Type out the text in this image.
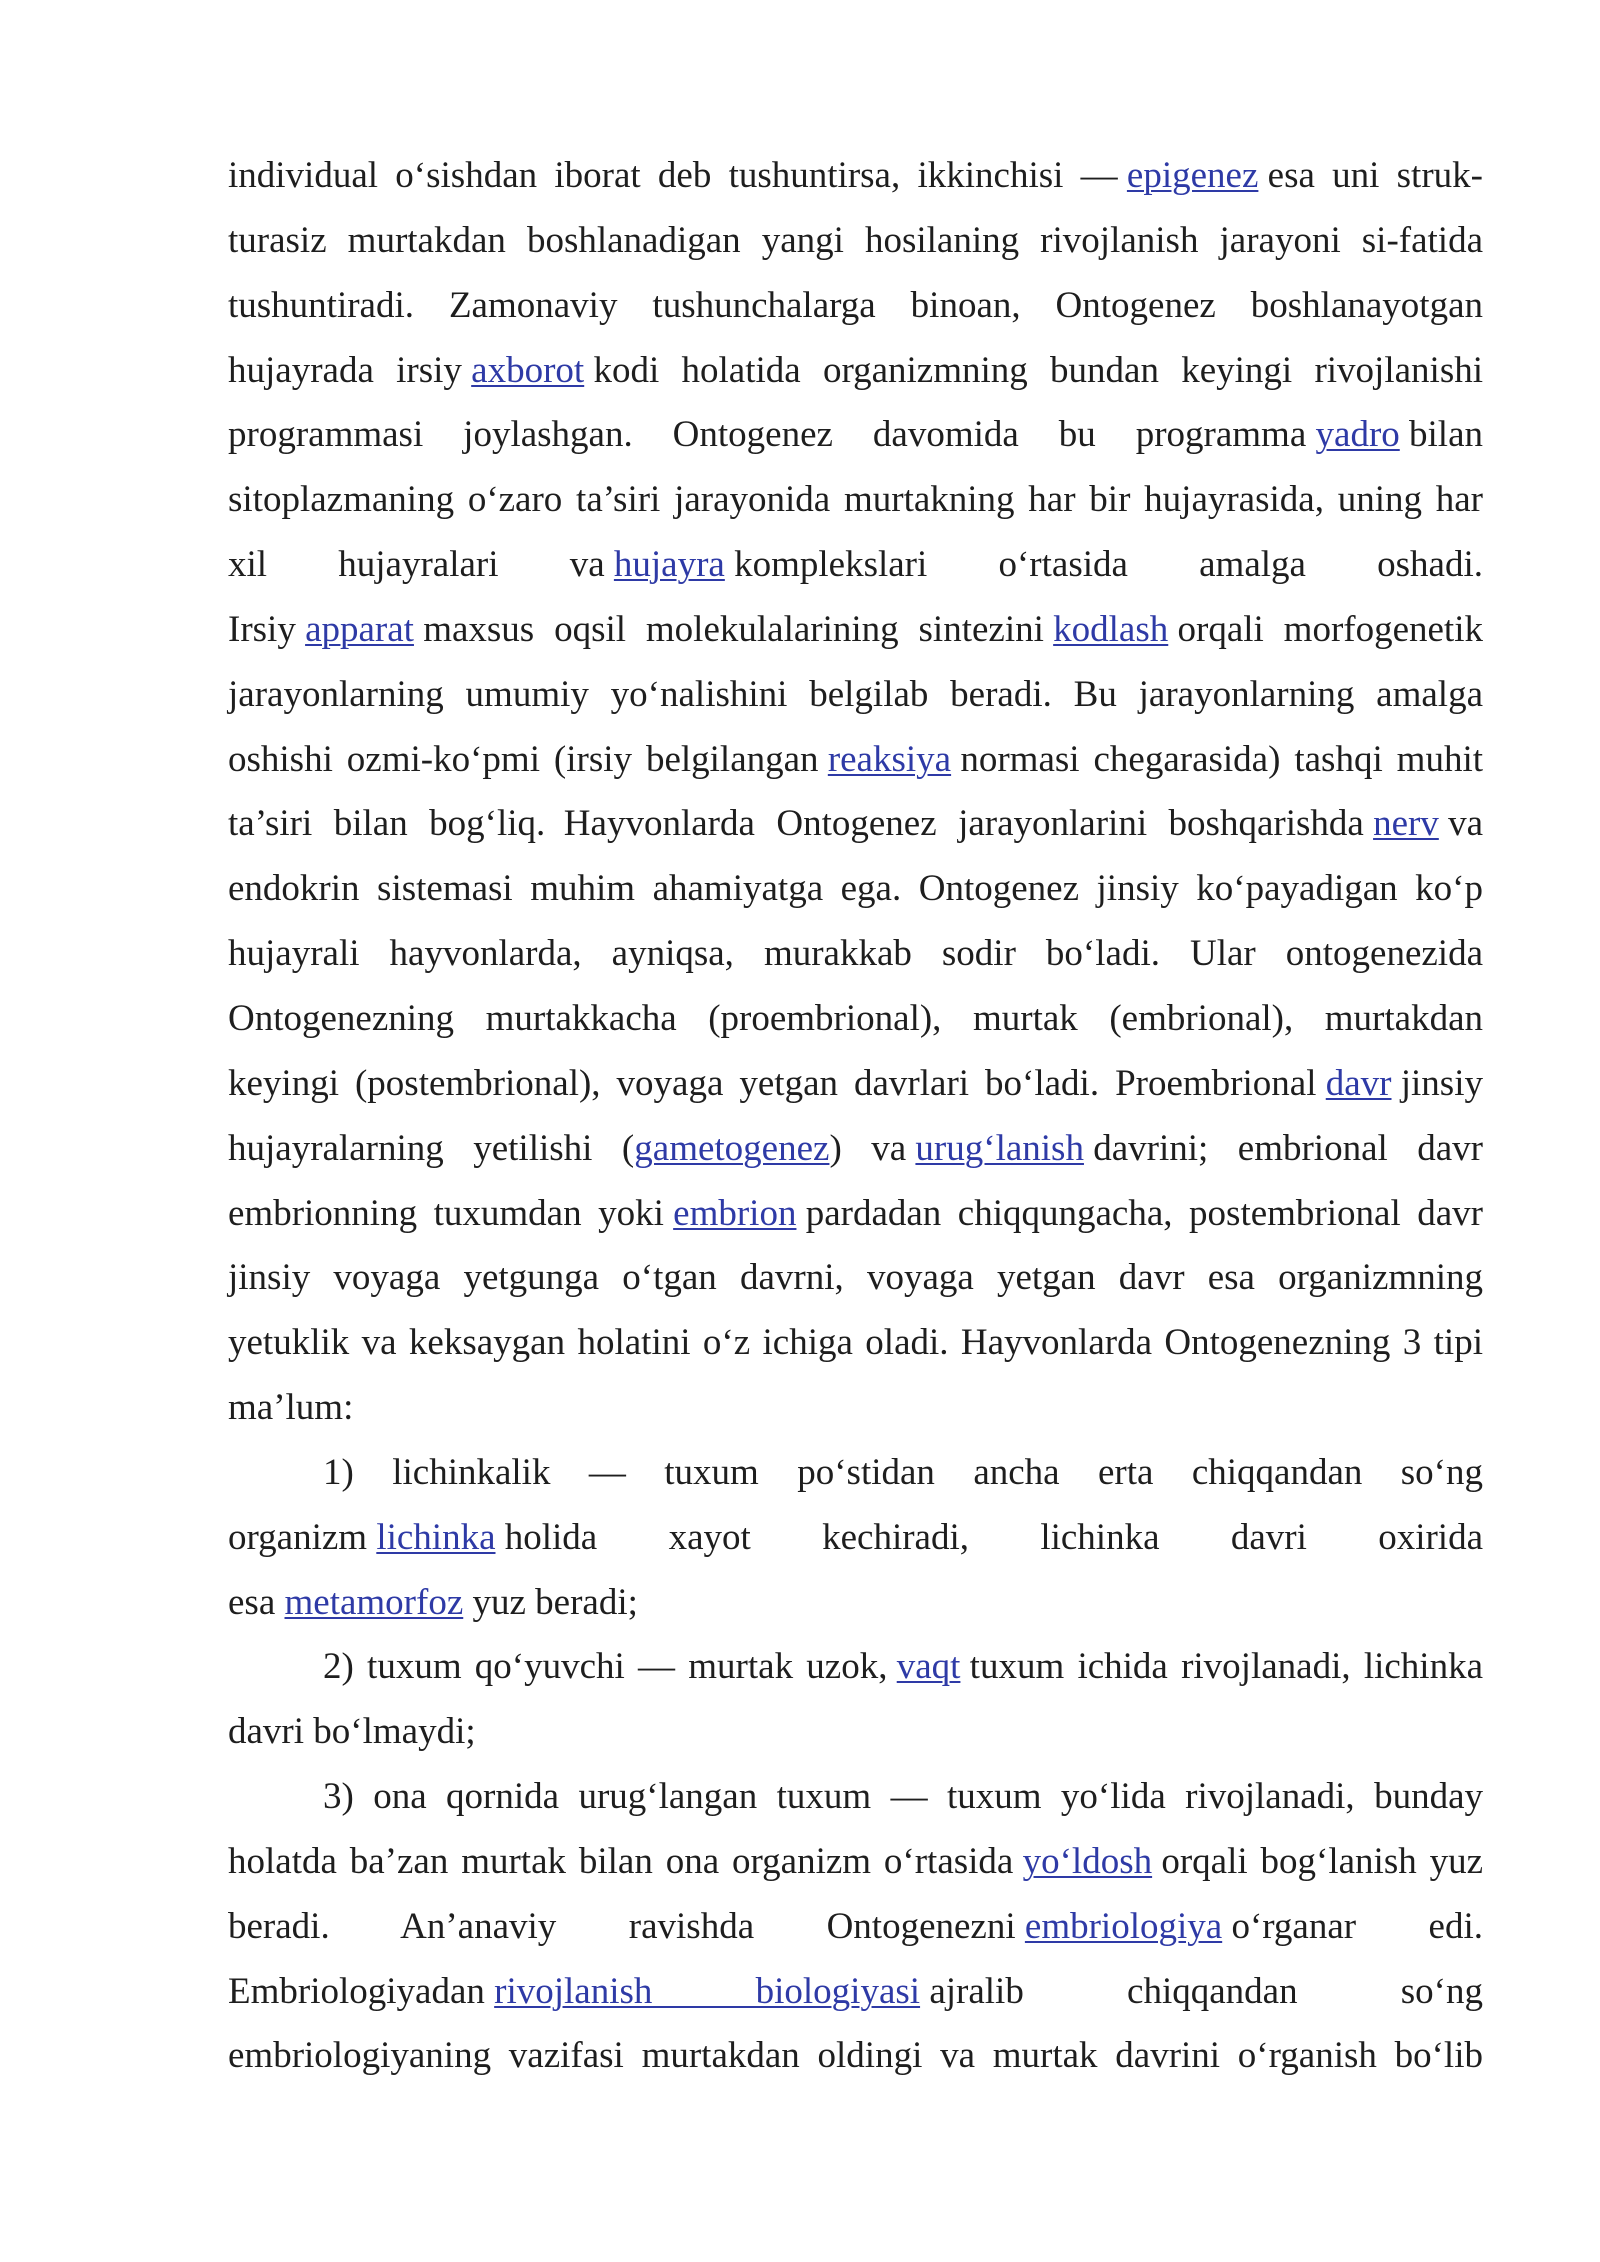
individual o‘sishdan iborat deb tushuntirsa, ikkinchisi — epigenez esa uni struk-
turasiz murtakdan boshlanadigan yangi hosilaning rivojlanish jarayoni si-fatida
tushuntiradi. Zamonaviy tushunchalarga binoan, Ontogenez boshlanayotgan
hujayrada irsiy axborot kodi holatida organizmning bundan keyingi rivojlanishi
programmasi joylashgan. Ontogenez davomida bu programma yadro bilan
sitoplazmaning o‘zaro ta’siri jarayonida murtakning har bir hujayrasida, uning har
xil hujayralari va hujayra komplekslari o‘rtasida amalga oshadi.
Irsiy apparat maxsus oqsil molekulalarining sintezini kodlash orqali morfogenetik
jarayonlarning umumiy yo‘nalishini belgilab beradi. Bu jarayonlarning amalga
oshishi ozmi-ko‘pmi (irsiy belgilangan reaksiya normasi chegarasida) tashqi muhit
ta’siri bilan bog‘liq. Hayvonlarda Ontogenez jarayonlarini boshqarishda nerv va
endokrin sistemasi muhim ahamiyatga ega. Ontogenez jinsiy ko‘payadigan ko‘p
hujayrali hayvonlarda, ayniqsa, murakkab sodir bo‘ladi. Ular ontogenezida
Ontogenezning murtakkacha (proembrional), murtak (embrional), murtakdan
keyingi (postembrional), voyaga yetgan davrlari bo‘ladi. Proembrional davr jinsiy
hujayralarning yetilishi (gametogenez) va urug‘lanish davrini; embrional davr
embrionning tuxumdan yoki embrion pardadan chiqqungacha, postembrional davr
jinsiy voyaga yetgunga o‘tgan davrni, voyaga yetgan davr esa organizmning
yetuklik va keksaygan holatini o‘z ichiga oladi. Hayvonlarda Ontogenezning 3 tipi
ma’lum:
1) lichinkalik — tuxum po‘stidan ancha erta chiqqandan so‘ng
organizm lichinka holida xayot kechiradi, lichinka davri oxirida
esa metamorfoz yuz beradi;
2) tuxum qo‘yuvchi — murtak uzok, vaqt tuxum ichida rivojlanadi, lichinka
davri bo‘lmaydi;
3) ona qornida urug‘langan tuxum — tuxum yo‘lida rivojlanadi, bunday
holatda ba’zan murtak bilan ona organizm o‘rtasida yo‘ldosh orqali bog‘lanish yuz
beradi. An’anaviy ravishda Ontogenezni embriologiya o‘rganar edi.
Embriologiyadan rivojlanish biologiyasi ajralib chiqqandan so‘ng
embriologiyaning vazifasi murtakdan oldingi va murtak davrini o‘rganish bo‘lib
